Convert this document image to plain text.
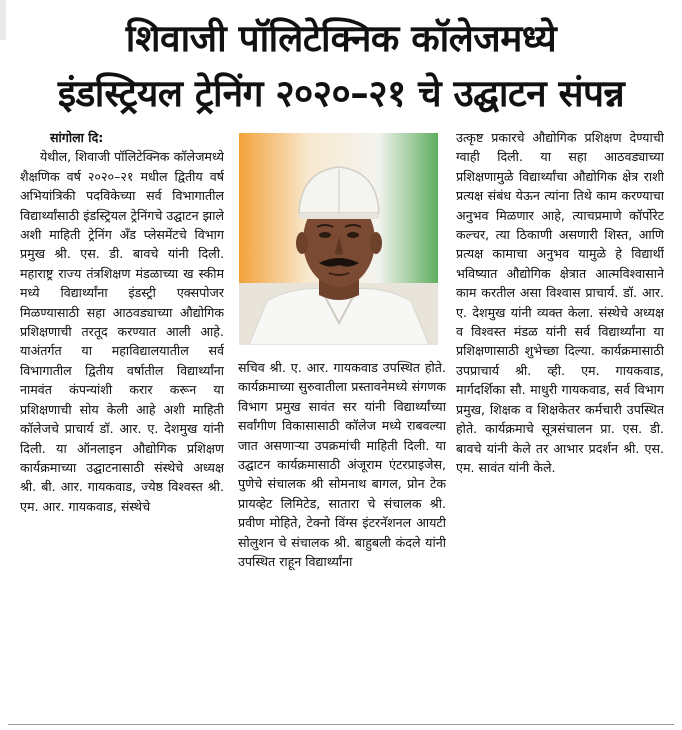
शिवाजी पॉलिटेक्निक कॉलेजमध्ये
इंडस्ट्रियल ट्रेनिंग २०२०–२१ चे उद्घाटन संपन्न

सांगोला दि:

येथील, शिवाजी पॉलिटेक्निक कॉलेजमध्ये शैक्षणिक वर्ष २०२०–२१ मधील द्वितीय वर्ष अभियांत्रिकी पदविकेच्या सर्व विभागातील विद्यार्थ्यांसाठी इंडस्ट्रियल ट्रेनिंगचे उद्घाटन झाले अशी माहिती ट्रेनिंग अँड प्लेसमेंटचे विभाग प्रमुख श्री. एस. डी. बावचे यांनी दिली. महाराष्ट्र राज्य तंत्रशिक्षण मंडळाच्या ख स्कीम मध्ये विद्यार्थ्यांना इंडस्ट्री एक्सपोजर मिळण्यासाठी सहा आठवड्याच्या औद्योगिक प्रशिक्षणाची तरतूद करण्यात आली आहे. याअंतर्गत या महाविद्यालयातील सर्व विभागातील द्वितीय वर्षातील विद्यार्थ्यांना नामवंत कंपन्यांशी करार करून या प्रशिक्षणाची सोय केली आहे अशी माहिती कॉलेजचे प्राचार्य डॉ. आर. ए. देशमुख यांनी दिली. या ऑनलाइन औद्योगिक प्रशिक्षण कार्यक्रमाच्या उद्घाटनासाठी संस्थेचे अध्यक्ष श्री. बी. आर. गायकवाड, ज्येष्ठ विश्वस्त श्री. एम. आर. गायकवाड, संस्थेचे

सचिव श्री. ए. आर. गायकवाड उपस्थित होते. कार्यक्रमाच्या सुरुवातीला प्रस्तावनेमध्ये संगणक विभाग प्रमुख सावंत सर यांनी विद्यार्थ्यांच्या सर्वांगीण विकासासाठी कॉलेज मध्ये राबवल्या जात असणाऱ्या उपक्रमांची माहिती दिली. या उद्घाटन कार्यक्रमासाठी अंजूराम एंटरप्राइजेस, पुणेचे संचालक श्री सोमनाथ बागल, प्रोन टेक प्रायव्हेट लिमिटेड, सातारा चे संचालक श्री. प्रवीण मोहिते, टेक्नो विंग्स इंटरनॅशनल आयटी सोलुशन चे संचालक श्री. बाहुबली कंदले यांनी उपस्थित राहून विद्यार्थ्यांना

उत्कृष्ट प्रकारचे औद्योगिक प्रशिक्षण देण्याची ग्वाही दिली. या सहा आठवड्याच्या प्रशिक्षणामुळे विद्यार्थ्यांचा औद्योगिक क्षेत्र राशी प्रत्यक्ष संबंध येऊन त्यांना तिथे काम करण्याचा अनुभव मिळणार आहे, त्याचप्रमाणे कॉर्पोरेट कल्चर, त्या ठिकाणी असणारी शिस्त, आणि प्रत्यक्ष कामाचा अनुभव यामुळे हे विद्यार्थी भविष्यात औद्योगिक क्षेत्रात आत्मविश्वासाने काम करतील असा विश्वास प्राचार्य. डॉ. आर. ए. देशमुख यांनी व्यक्त केला. संस्थेचे अध्यक्ष व विश्वस्त मंडळ यांनी सर्व विद्यार्थ्यांना या प्रशिक्षणासाठी शुभेच्छा दिल्या. कार्यक्रमासाठी उपप्राचार्य श्री. व्ही. एम. गायकवाड, मार्गदर्शिका सौ. माधुरी गायकवाड, सर्व विभाग प्रमुख, शिक्षक व शिक्षकेतर कर्मचारी उपस्थित होते. कार्यक्रमाचे सूत्रसंचालन प्रा. एस. डी. बावचे यांनी केले तर आभार प्रदर्शन श्री. एस. एम. सावंत यांनी केले.
